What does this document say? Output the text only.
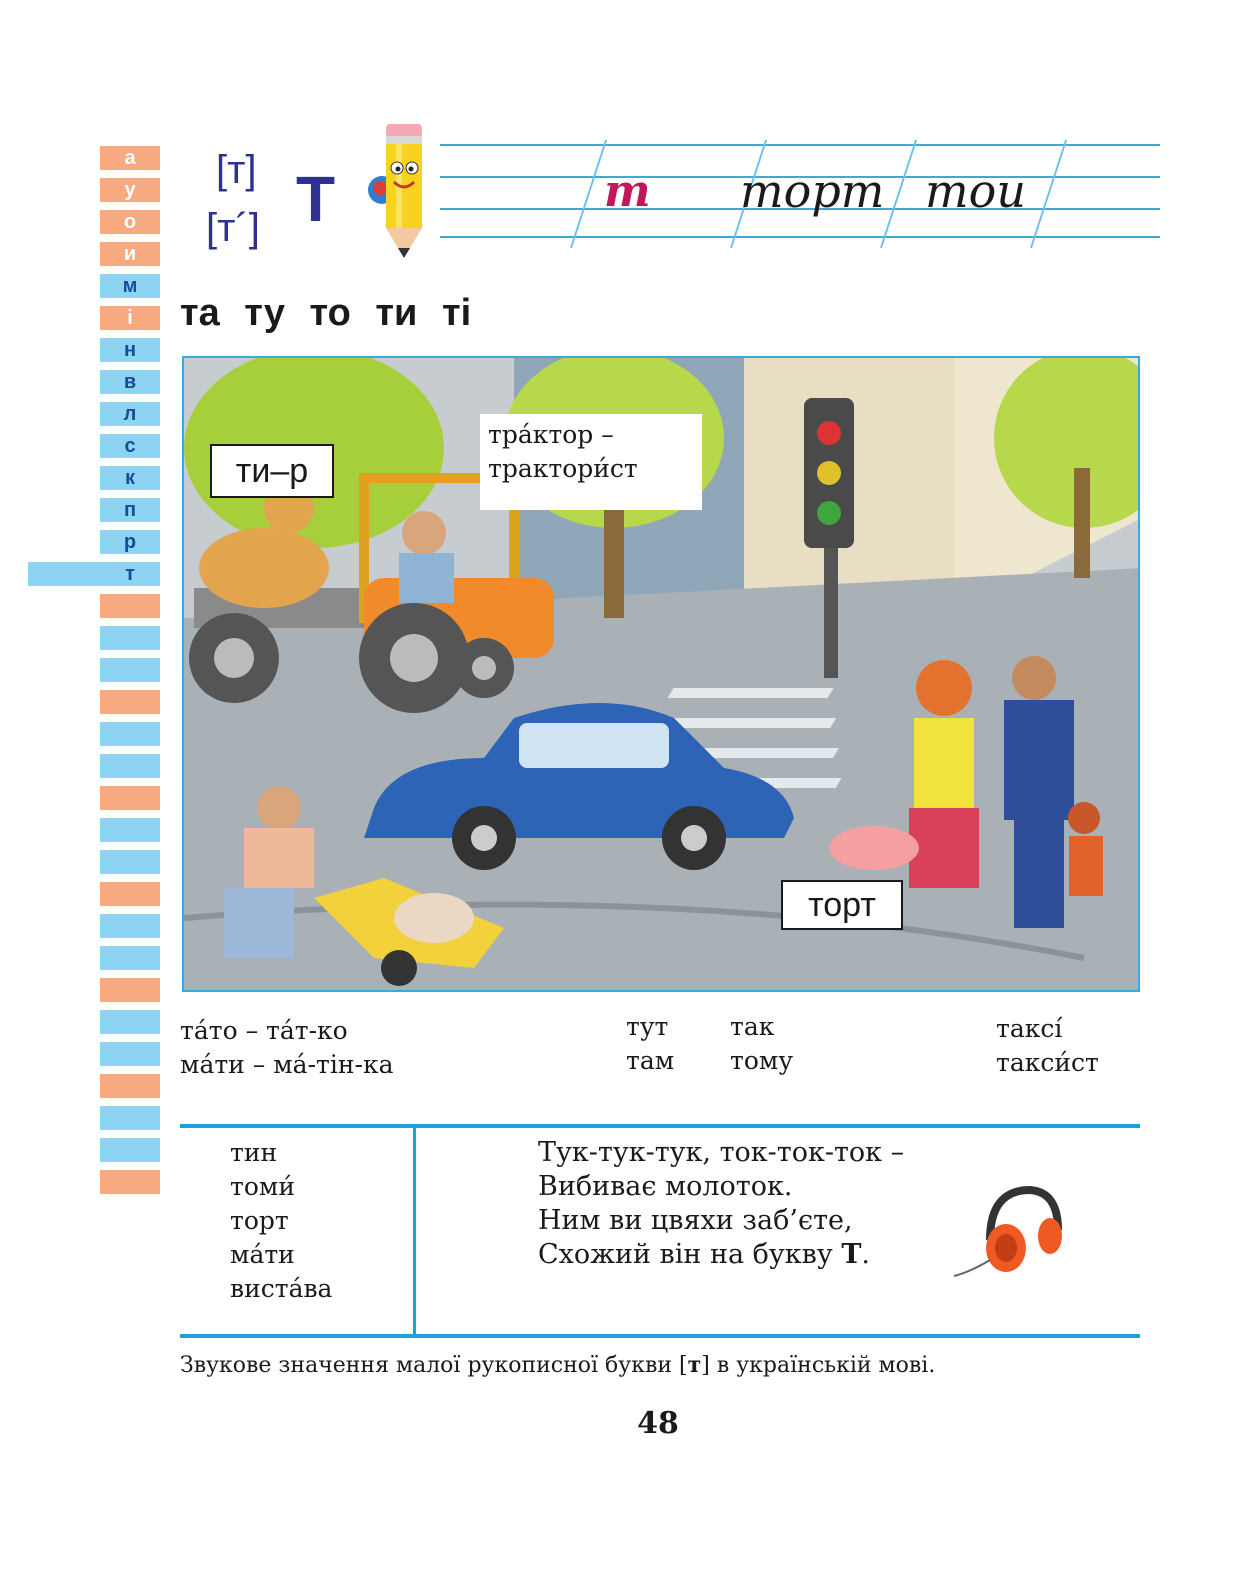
а
у
о
и
м
і
н
в
л
с
к
п
р
т
[т]
[т´] Т	т торт тоu
та ту то ти ті
ти–р
тра́ктор –
трактори́ст
торт
та́то – та́т-ко
ма́ти – ма́-тін-ка
тут
там
так
тому
таксі́
такси́ст
тин
томи́
торт
ма́ти
вистáва
Тук-тук-тук, ток-ток-ток –
Вибиває молоток.
Ним ви цвяхи заб’єте,
Схожий він на букву Т.
Звукове значення малої рукописної букви [т] в українській мові.
48
